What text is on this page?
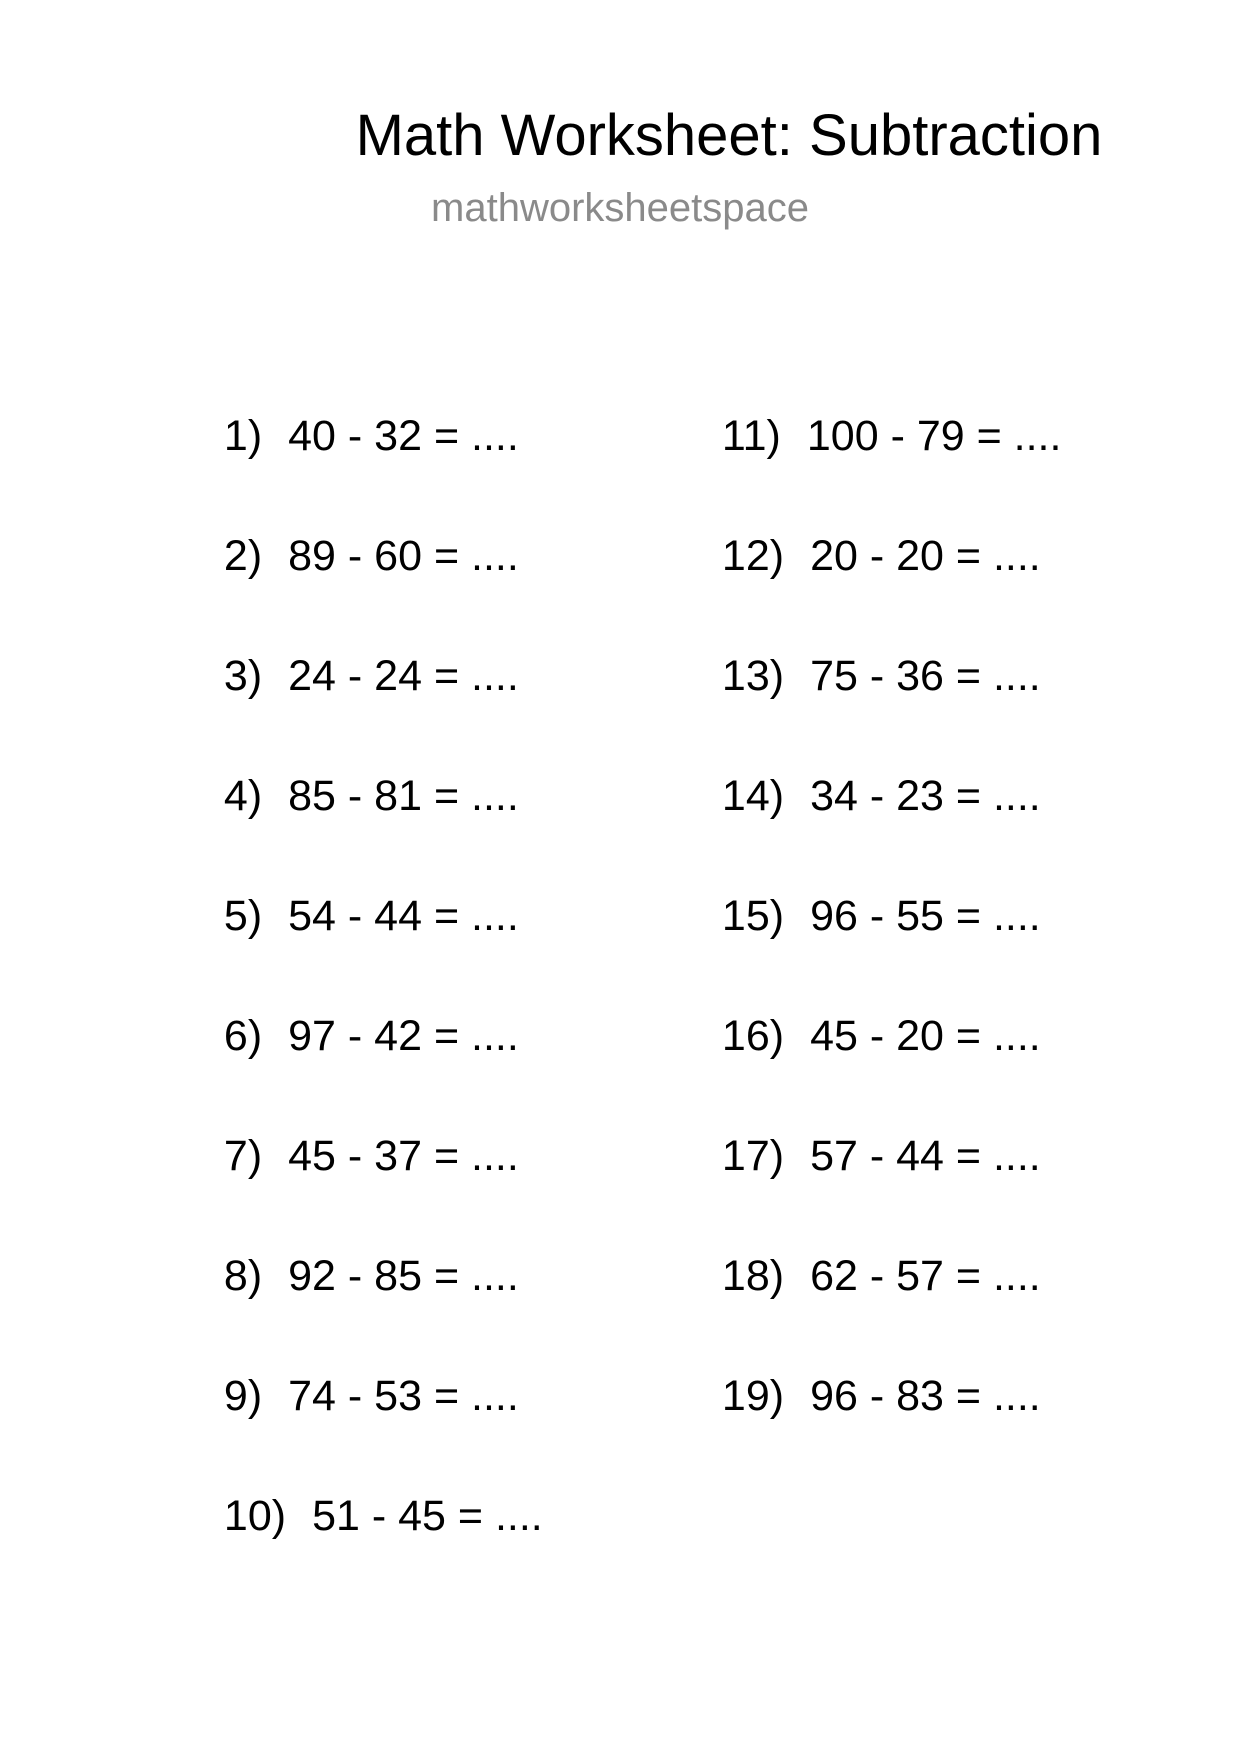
Math Worksheet: Subtraction
mathworksheetspace

1) 40 - 32 = ....

2) 89 - 60 = ....

3) 24 - 24 = ....

4) 85 - 81 = ....

5) 54 - 44 = ....

6) 97 - 42 = ....

7) 45 - 37 = ....

8) 92 - 85 = ....

9) 74 - 53 = ....

10) 51 - 45 = ....

11) 100 - 79 = ....

12) 20 - 20 = ....

13) 75 - 36 = ....

14) 34 - 23 = ....

15) 96 - 55 = ....

16) 45 - 20 = ....

17) 57 - 44 = ....

18) 62 - 57 = ....

19) 96 - 83 = ....
